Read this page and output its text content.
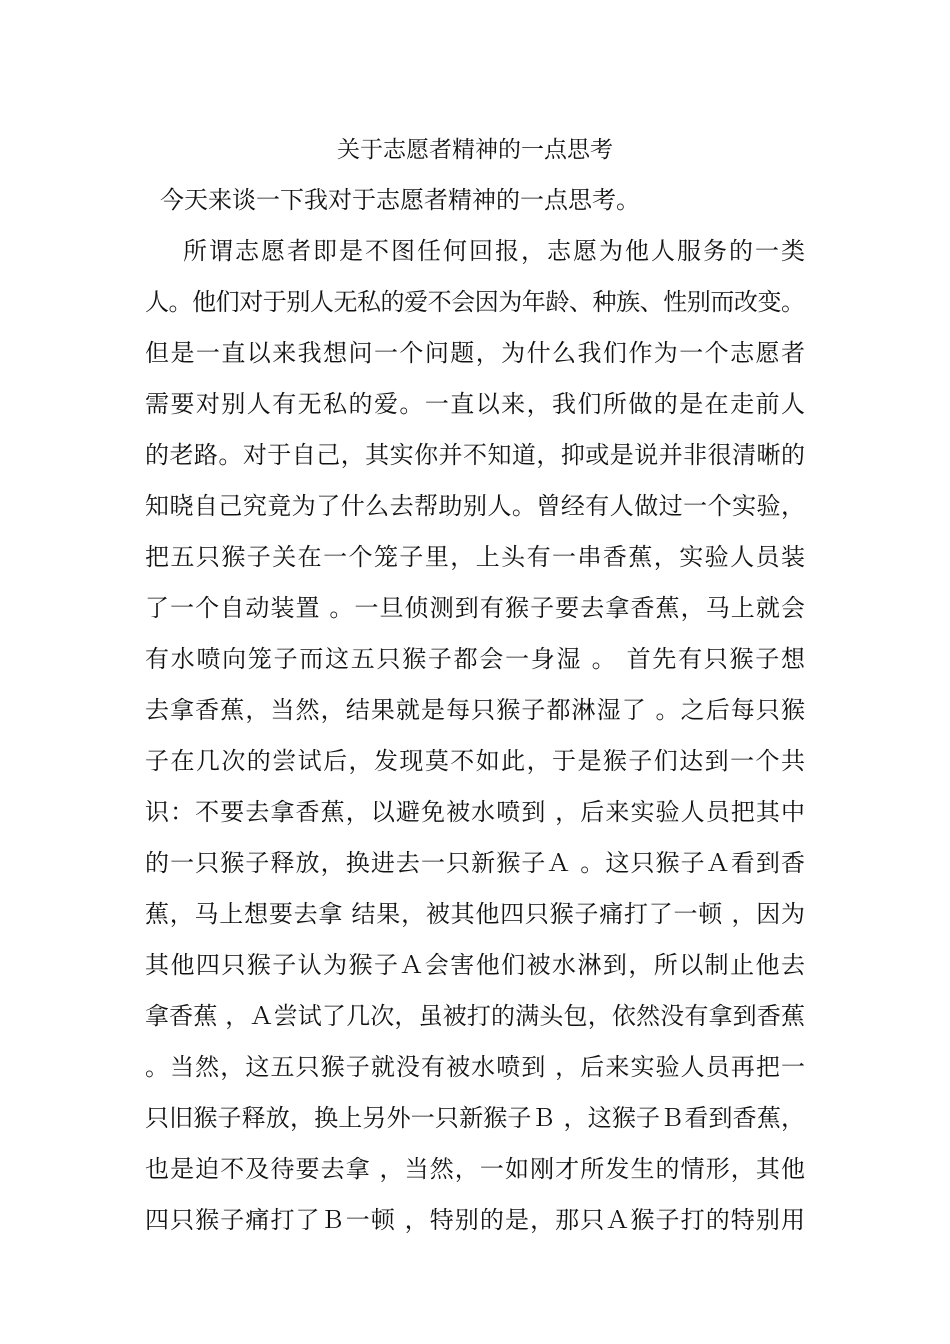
关于志愿者精神的一点思考
今天来谈一下我对于志愿者精神的一点思考。
所谓志愿者即是不图任何回报，志愿为他人服务的一类
人。他们对于别人无私的爱不会因为年龄、种族、性别而改变。
但是一直以来我想问一个问题，为什么我们作为一个志愿者
需要对别人有无私的爱。一直以来，我们所做的是在走前人
的老路。对于自己，其实你并不知道，抑或是说并非很清晰的
知晓自己究竟为了什么去帮助别人。曾经有人做过一个实验，
把五只猴子关在一个笼子里，上头有一串香蕉，实验人员装
了一个自动装置 。一旦侦测到有猴子要去拿香蕉，马上就会
有水喷向笼子而这五只猴子都会一身湿 。 首先有只猴子想
去拿香蕉，当然，结果就是每只猴子都淋湿了 。之后每只猴
子在几次的尝试后，发现莫不如此，于是猴子们达到一个共
识：不要去拿香蕉，以避免被水喷到 ，后来实验人员把其中
的一只猴子释放，换进去一只新猴子Ａ 。这只猴子Ａ看到香
蕉，马上想要去拿 结果，被其他四只猴子痛打了一顿 ，因为
其他四只猴子认为猴子Ａ会害他们被水淋到，所以制止他去
拿香蕉 ，Ａ尝试了几次，虽被打的满头包，依然没有拿到香蕉
。当然，这五只猴子就没有被水喷到 ，后来实验人员再把一
只旧猴子释放，换上另外一只新猴子Ｂ ，这猴子Ｂ看到香蕉，
也是迫不及待要去拿 ，当然，一如刚才所发生的情形，其他
四只猴子痛打了Ｂ一顿 ，特别的是，那只Ａ猴子打的特别用
